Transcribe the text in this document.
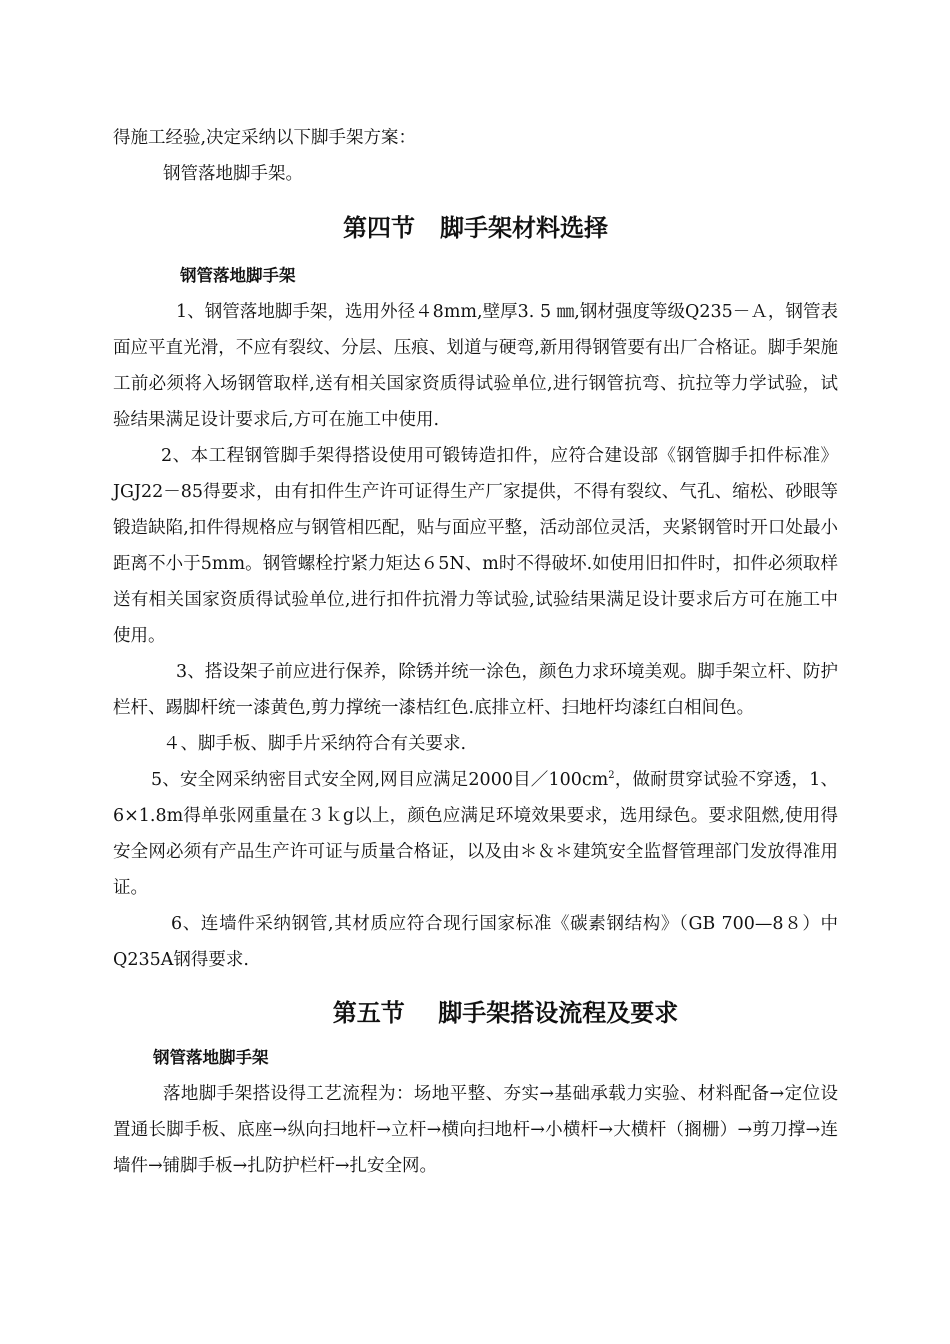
得施工经验,决定采纳以下脚手架方案：

钢管落地脚手架。

第四节 脚手架材料选择
钢管落地脚手架

1、钢管落地脚手架，选用外径４8mm,壁厚3. 5 ㎜,钢材强度等级Q235－Ａ，钢管表面应平直光滑，不应有裂纹、分层、压痕、划道与硬弯,新用得钢管要有出厂合格证。脚手架施工前必须将入场钢管取样,送有相关国家资质得试验单位,进行钢管抗弯、抗拉等力学试验，试验结果满足设计要求后,方可在施工中使用.

2、本工程钢管脚手架得搭设使用可锻铸造扣件，应符合建设部《钢管脚手扣件标准》JGJ22－85得要求，由有扣件生产许可证得生产厂家提供，不得有裂纹、气孔、缩松、砂眼等锻造缺陷,扣件得规格应与钢管相匹配，贴与面应平整，活动部位灵活，夹紧钢管时开口处最小距离不小于5mm。钢管螺栓拧紧力矩达６5N、m时不得破坏.如使用旧扣件时，扣件必须取样送有相关国家资质得试验单位,进行扣件抗滑力等试验,试验结果满足设计要求后方可在施工中使用。

3、搭设架子前应进行保养，除锈并统一涂色，颜色力求环境美观。脚手架立杆、防护栏杆、踢脚杆统一漆黄色,剪力撑统一漆桔红色.底排立杆、扫地杆均漆红白相间色。

４、脚手板、脚手片采纳符合有关要求.

5、安全网采纳密目式安全网,网目应满足2000目$/100cm^2$，做耐贯穿试验不穿透，1、6×1.8m得单张网重量在３ｋg以上，颜色应满足环境效果要求，选用绿色。要求阻燃,使用得安全网必须有产品生产许可证与质量合格证，以及由＊＆＊建筑安全监督管理部门发放得准用证。

6、连墙件采纳钢管,其材质应符合现行国家标准《碳素钢结构》（GB 700—8８）中Q235A钢得要求.

第五节 脚手架搭设流程及要求
钢管落地脚手架

落地脚手架搭设得工艺流程为：场地平整、夯实→基础承载力实验、材料配备→定位设置通长脚手板、底座→纵向扫地杆→立杆→横向扫地杆→小横杆→大横杆（搁栅）→剪刀撑→连墙件→铺脚手板→扎防护栏杆→扎安全网。
